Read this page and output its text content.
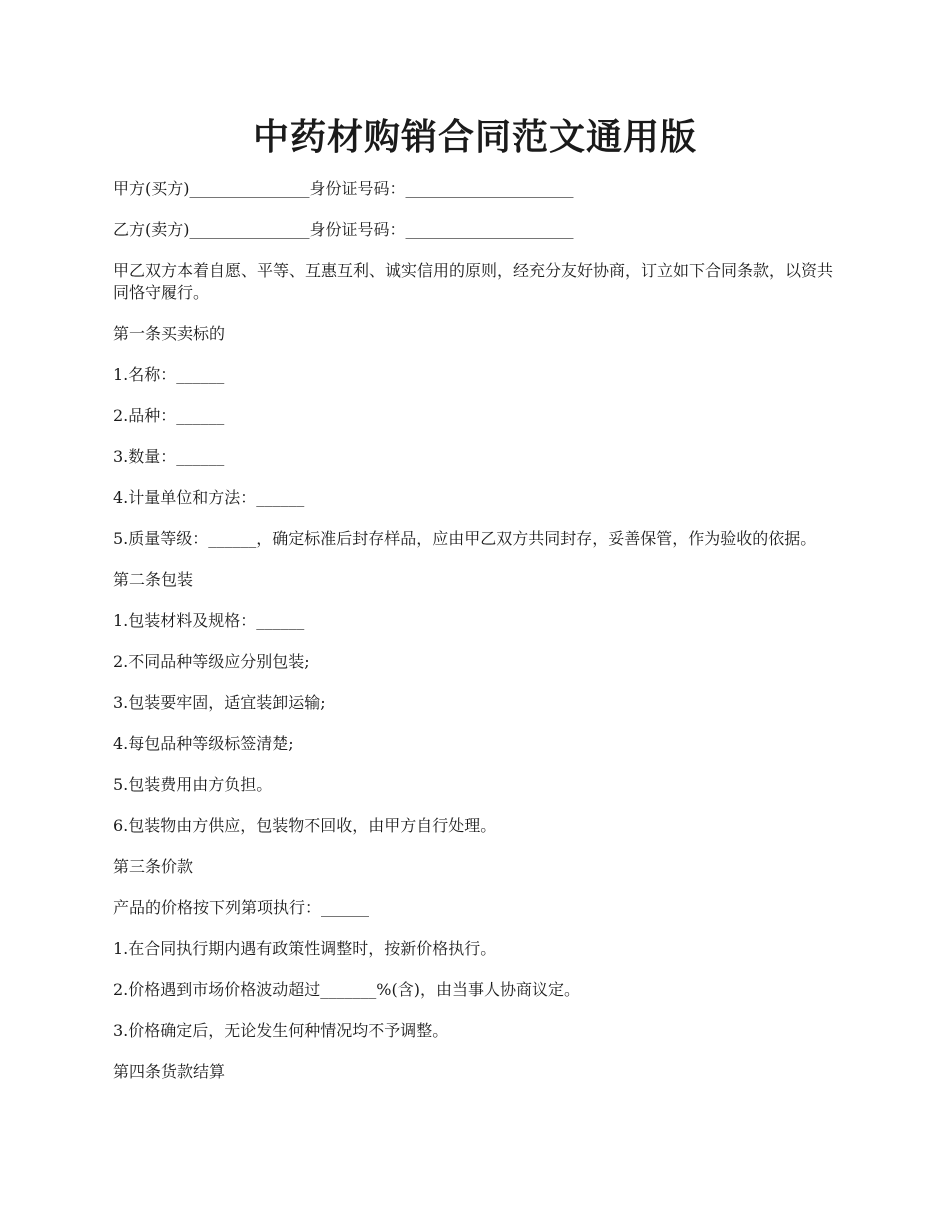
中药材购销合同范文通用版

甲方(买方)_______________身份证号码：_____________________

乙方(卖方)_______________身份证号码：_____________________

甲乙双方本着自愿、平等、互惠互利、诚实信用的原则，经充分友好协商，订立如下合同条款，以资共同恪守履行。

第一条买卖标的

1.名称：______

2.品种：______

3.数量：______

4.计量单位和方法：______

5.质量等级：______，确定标准后封存样品，应由甲乙双方共同封存，妥善保管，作为验收的依据。

第二条包装

1.包装材料及规格：______

2.不同品种等级应分别包装;

3.包装要牢固，适宜装卸运输;

4.每包品种等级标签清楚;

5.包装费用由方负担。

6.包装物由方供应，包装物不回收，由甲方自行处理。

第三条价款

产品的价格按下列第项执行：______

1.在合同执行期内遇有政策性调整时，按新价格执行。

2.价格遇到市场价格波动超过_______%(含)，由当事人协商议定。

3.价格确定后，无论发生何种情况均不予调整。

第四条货款结算
